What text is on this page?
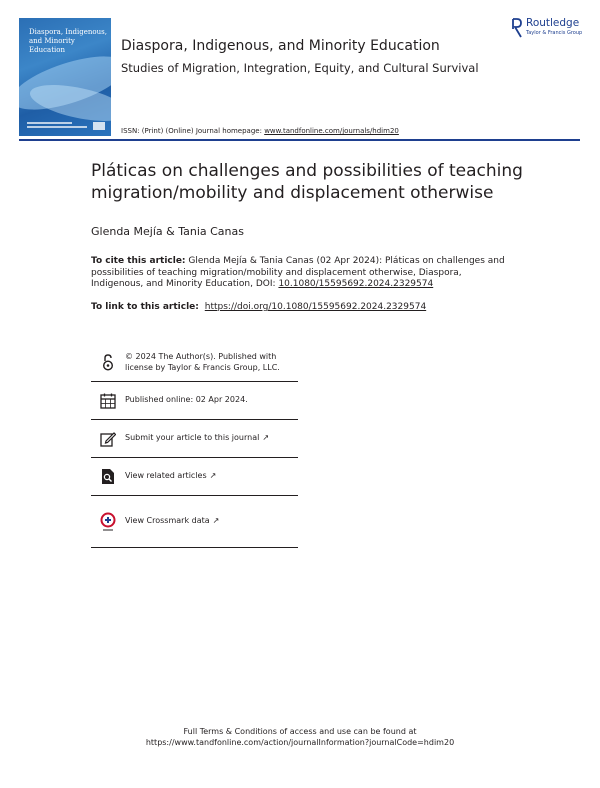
Diaspora, Indigenous, and Minority Education	Diaspora, Indigenous, and Minority Education
Studies of Migration, Integration, Equity, and Cultural Survival
Routledge
Taylor & Francis Group
ISSN: (Print) (Online) Journal homepage: www.tandfonline.com/journals/hdim20
Pláticas on challenges and possibilities of teaching migration/mobility and displacement otherwise
Glenda Mejía & Tania Canas
To cite this article: Glenda Mejía & Tania Canas (02 Apr 2024): Pláticas on challenges and possibilities of teaching migration/mobility and displacement otherwise, Diaspora, Indigenous, and Minority Education, DOI: 10.1080/15595692.2024.2329574
To link to this article: https://doi.org/10.1080/15595692.2024.2329574
© 2024 The Author(s). Published with license by Taylor & Francis Group, LLC.
Published online: 02 Apr 2024.
Submit your article to this journal ↗
View related articles ↗
View Crossmark data ↗
Full Terms & Conditions of access and use can be found at
https://www.tandfonline.com/action/journalInformation?journalCode=hdim20
